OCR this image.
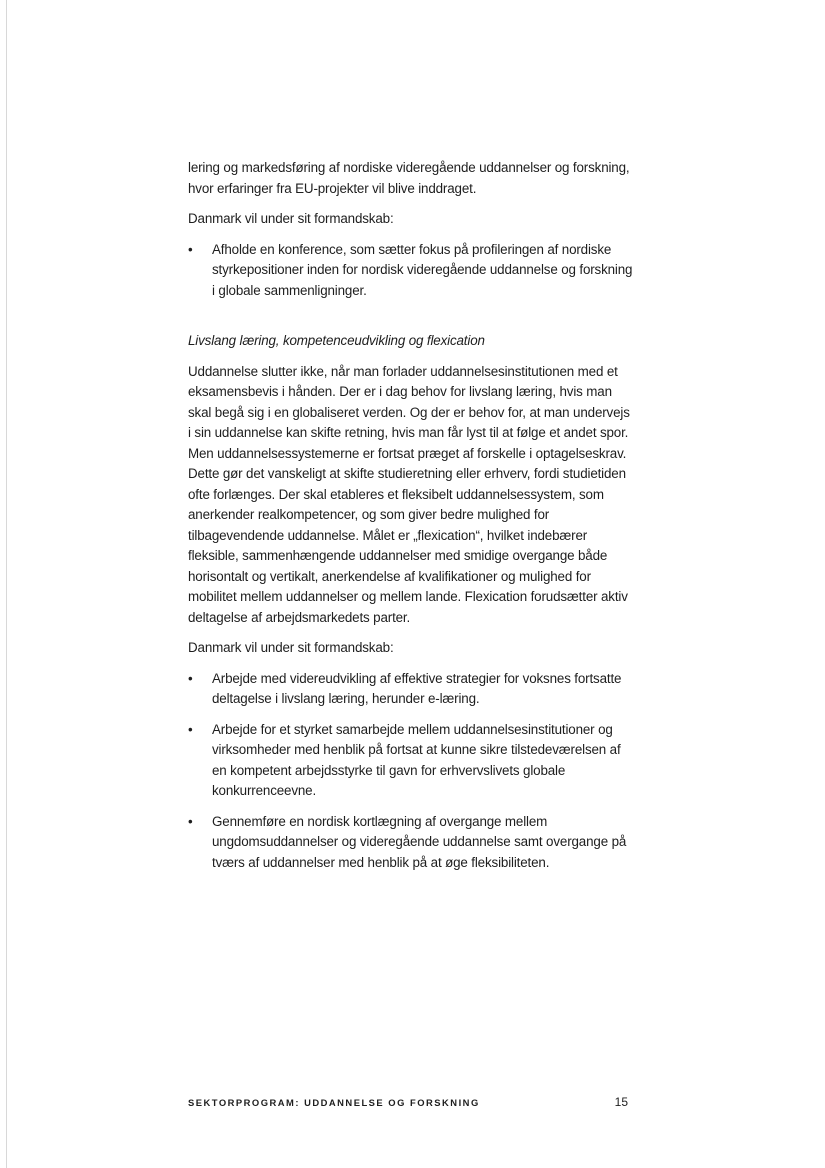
lering og markedsføring af nordiske videregående uddannelser og forskning, hvor erfaringer fra EU-projekter vil blive inddraget.

Danmark vil under sit formandskab:

• Afholde en konference, som sætter fokus på profileringen af nordiske styrkepositioner inden for nordisk videregående uddannelse og forskning i globale sammenligninger.

Livslang læring, kompetenceudvikling og flexication

Uddannelse slutter ikke, når man forlader uddannelsesinstitutionen med et eksamensbevis i hånden. Der er i dag behov for livslang læring, hvis man skal begå sig i en globaliseret verden. Og der er behov for, at man undervejs i sin uddannelse kan skifte retning, hvis man får lyst til at følge et andet spor. Men uddannelsessystemerne er fortsat præget af forskelle i optagelseskrav. Dette gør det vanskeligt at skifte studieretning eller erhverv, fordi studietiden ofte forlænges. Der skal etableres et fleksibelt uddannelsessystem, som anerkender realkompetencer, og som giver bedre mulighed for tilbagevendende uddannelse. Målet er „flexication“, hvilket indebærer fleksible, sammenhængende uddannelser med smidige overgange både horisontalt og vertikalt, anerkendelse af kvalifikationer og mulighed for mobilitet mellem uddannelser og mellem lande. Flexication forudsætter aktiv deltagelse af arbejdsmarkedets parter.

Danmark vil under sit formandskab:

• Arbejde med videreudvikling af effektive strategier for voksnes fortsatte deltagelse i livslang læring, herunder e-læring.
• Arbejde for et styrket samarbejde mellem uddannelsesinstitutioner og virksomheder med henblik på fortsat at kunne sikre tilstedeværelsen af en kompetent arbejdsstyrke til gavn for erhvervslivets globale konkurrenceevne.
• Gennemføre en nordisk kortlægning af overgange mellem ungdomsuddannelser og videregående uddannelse samt overgange på tværs af uddannelser med henblik på at øge fleksibiliteten.
SEKTORPROGRAM: UDDANNELSE OG FORSKNING	15
